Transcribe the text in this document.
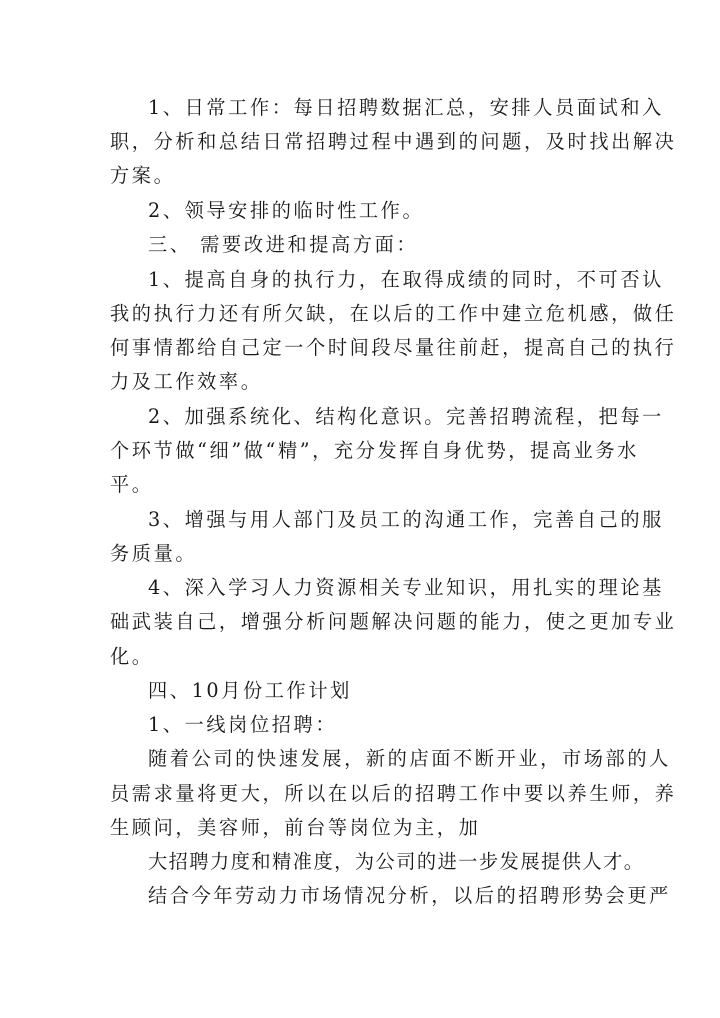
1、日常工作：每日招聘数据汇总，安排人员面试和入
职，分析和总结日常招聘过程中遇到的问题，及时找出解决
方案。
2、领导安排的临时性工作。
三、 需要改进和提高方面：
1、提高自身的执行力，在取得成绩的同时，不可否认
我的执行力还有所欠缺，在以后的工作中建立危机感，做任
何事情都给自己定一个时间段尽量往前赶，提高自己的执行
力及工作效率。
2、加强系统化、结构化意识。完善招聘流程，把每一
个环节做“细”做“精”，充分发挥自身优势，提高业务水
平。
3、增强与用人部门及员工的沟通工作，完善自己的服
务质量。
4、深入学习人力资源相关专业知识，用扎实的理论基
础武装自己，增强分析问题解决问题的能力，使之更加专业
化。
四、10月份工作计划
1、一线岗位招聘：
随着公司的快速发展，新的店面不断开业，市场部的人
员需求量将更大，所以在以后的招聘工作中要以养生师，养
生顾问，美容师，前台等岗位为主，加
大招聘力度和精准度，为公司的进一步发展提供人才。
结合今年劳动力市场情况分析，以后的招聘形势会更严
